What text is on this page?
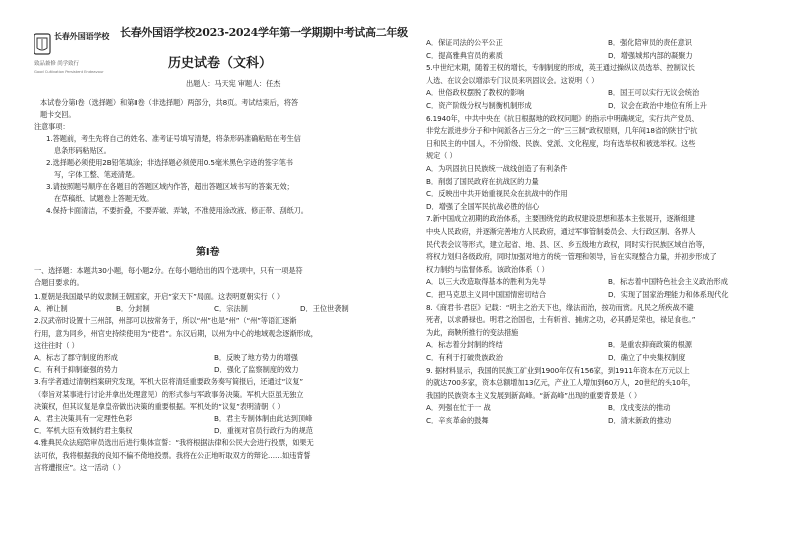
长春外国语学校
致品兼修 尚学致行
Good Cultivation Persistent Endeavour
长春外国语学校2023-2024学年第一学期期中考试高二年级
历史试卷（文科）
出题人：马天宪 审题人：任杰
本试卷分第Ⅰ卷（选择题）和第Ⅱ卷（非选择题）两部分，共8页。考试结束后，将答
题卡交回。
注意事项：
1.答题前，考生先将自己的姓名、准考证号填写清楚，将条形码准确粘贴在考生信
息条形码粘贴区。
2.选择题必须使用2B铅笔填涂；非选择题必须使用0.5毫米黑色字迹的签字笔书
写，字体工整、笔迹清楚。
3.请按照题号顺序在各题目的答题区域内作答，超出答题区域书写的答案无效；
在草稿纸、试题卷上答题无效。
4.保持卡面清洁，不要折叠，不要弄破、弄皱，不准使用涂改液、修正带、刮纸刀。
第Ⅰ卷
一、选择题：本题共30小题，每小题2分。在每小题给出的四个选项中，只有一项是符
合题目要求的。
1.夏朝是我国最早的奴隶制王朝国家，开启“家天下”局面。这表明夏朝实行（ ）
A．禅让制	B．分封制	C．宗法制	D．王位世袭制
2.汉武帝时设置十三州部，州部可以按常务于，所以“州”也是“州”（“州”等语汇逐渐
行用，意为同乡，州官史持续使用为“使君”。东汉后期，以州为中心的地域观念逐渐形成，
这往往时（ ）
A．标志了郡守制度的形成	B．反映了地方势力的增强
C．有利于抑制豪强的势力	D．强化了监察制度的效力
3.有学者通过清朝档案研究发现，军机大臣将清廷重要政务奏写简报后，还通过“议复”
（奉旨对某事进行讨论并拿出处理意见）的形式参与军政事务决策。军机大臣虽无独立
决策权，但其议复是拿皇帝做出决策的重要根据。军机处的“议复”表明清朝（ ）
A．君主决策具有一定理性色彩	B．君主专制体制由此达到顶峰
C．军机大臣有效制约君主集权	D．重视对官员行政行为的规范
4.雅典民众法庭陪审员选出后进行集体宣誓：“我将根据法律和公民大会进行投票，如果无
法可依，我将根据我的良知不偏不倚地投票。我将在公正地听取双方的辩论……如违背誓
言将遭报应”。这一活动（ ）
A．保证司法的公平公正	B．强化陪审员的责任意识
C．提高雅典官员的素质	D．增强城邦内部的凝聚力
5.中世纪末期，随着王权的增长，专制制度的形成，英王通过操纵议员选举、控制议长
人选、在议会以增添专门议员来巩固议会。这说明（ ）
A．世俗政权摆脱了教权的影响	B．国王可以实行无议会统治
C．资产阶级分权与制衡机制形成	D．议会在政治中地位有所上升
6.1940年，中共中央在《抗日根据地的政权问题》的指示中明确规定，实行共产党员、
非党左派进步分子和中间派各占三分之一的“三三制”政权原则，几年间18省的陕甘宁抗
日和民主的中国人，不分阶级、民族、党派、文化程度，均有选举权和被选举权。这些
规定（ ）
A．为巩固抗日民族统一战线创造了有利条件
B．削弱了国民政府在抗战区的力量
C．反映出中共开始重视民众在抗战中的作用
D．增强了全国军民抗战必胜的信心
7.新中国成立初期的政治体系，主要围绕党的政权建设思想和基本主张展开，逐渐组建
中央人民政府，并逐渐完善地方人民政府，通过军事管制委员会、大行政区制、各界人
民代表会议等形式，建立起省、地、县、区、乡五级地方政权，同时实行民族区域自治等，
将权力划归各级政府，同时加强对地方的统一管理和领导，旨在实现整合力量，并初步形成了
权力制约与监督体系。该政治体系（ ）
A．以三大改造取得基本的胜利为先导	B．标志着中国特色社会主义政治形成
C．把马克思主义同中国国情密切结合	D．实现了国家治理能力和体系现代化
8.《商君书·君臣》记载：“明主之治天下也，缘法而治，按功而赏。凡民之所疾战不避
死者，以求爵禄也。明君之治国也，士有斩首、捕虏之功，必其爵足荣也，禄足食也。”
为此，商鞅所推行的变法措施
A．标志着分封制的终结	B．是重农抑商政策的根源
C．有利于打破贵族政治	D．确立了中央集权制度
9. 据材料显示，我国的民族工矿业到1900年仅有156家，到1911年资本在万元以上
的就达700多家，资本总额增加13亿元，产业工人增加到60万人，20世纪的头10年，
我国的民族资本主义发展到新高峰。“新高峰”出现的重要背景是（ ）
A．列强在忙于一 战	B．戊戌变法的推动
C．辛亥革命的鼓舞	D．清末新政的推动
